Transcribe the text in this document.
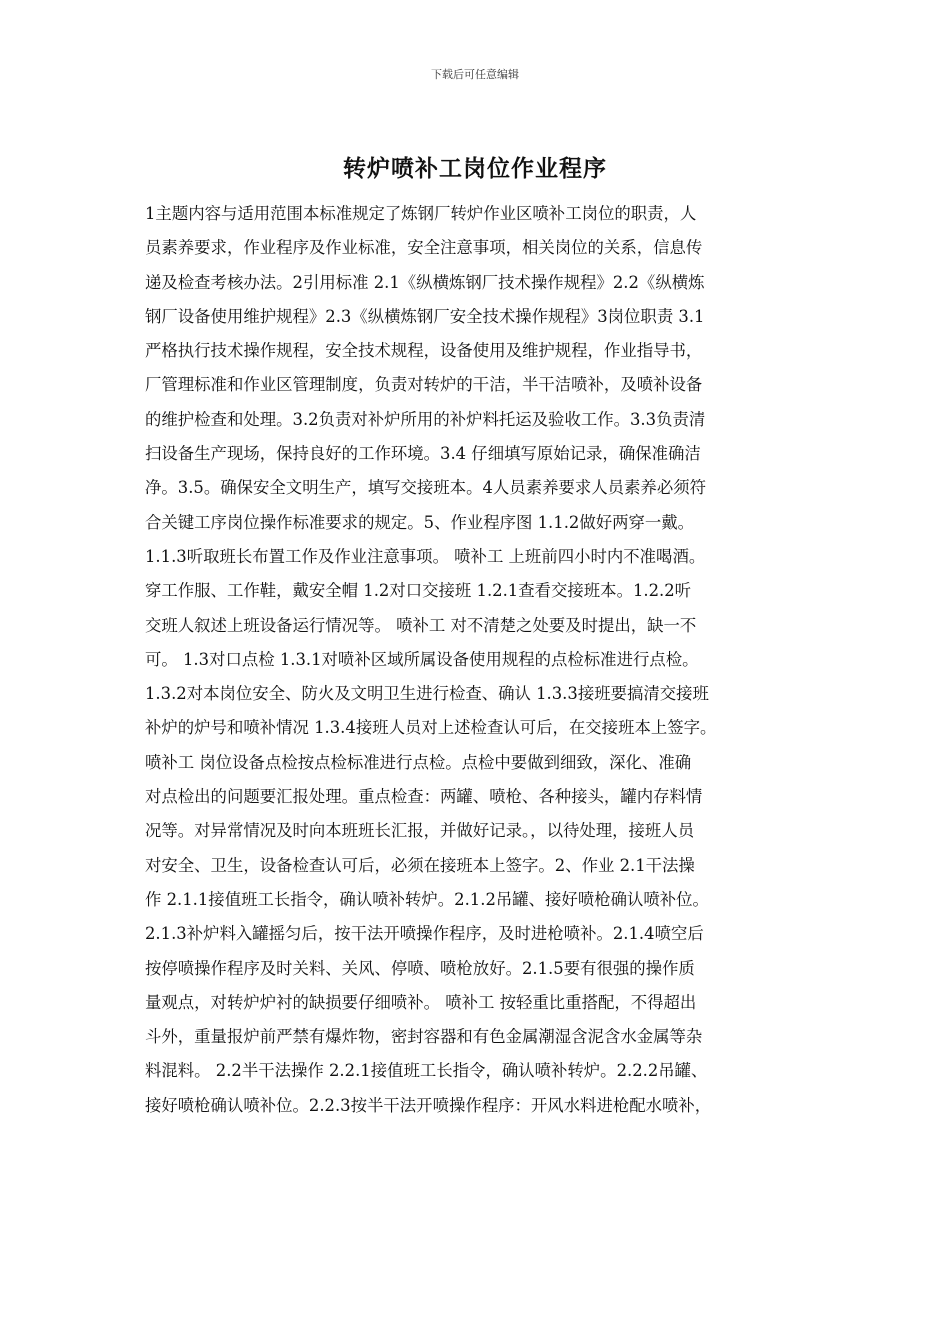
下载后可任意编辑
转炉喷补工岗位作业程序
1主题内容与适用范围本标准规定了炼钢厂转炉作业区喷补工岗位的职责，人
员素养要求，作业程序及作业标准，安全注意事项，相关岗位的关系，信息传
递及检查考核办法。2引用标准 2.1《纵横炼钢厂技术操作规程》2.2《纵横炼
钢厂设备使用维护规程》2.3《纵横炼钢厂安全技术操作规程》3岗位职责 3.1
严格执行技术操作规程，安全技术规程，设备使用及维护规程，作业指导书，
厂管理标准和作业区管理制度，负责对转炉的干洁，半干洁喷补，及喷补设备
的维护检查和处理。3.2负责对补炉所用的补炉料托运及验收工作。3.3负责清
扫设备生产现场，保持良好的工作环境。3.4 仔细填写原始记录，确保准确洁
净。3.5。确保安全文明生产，填写交接班本。4人员素养要求人员素养必须符
合关键工序岗位操作标准要求的规定。5、作业程序图 1.1.2做好两穿一戴。
1.1.3听取班长布置工作及作业注意事项。 喷补工 上班前四小时内不准喝酒。
穿工作服、工作鞋，戴安全帽 1.2对口交接班 1.2.1查看交接班本。1.2.2听
交班人叙述上班设备运行情况等。 喷补工 对不清楚之处要及时提出，缺一不
可。 1.3对口点检 1.3.1对喷补区域所属设备使用规程的点检标准进行点检。
1.3.2对本岗位安全、防火及文明卫生进行检查、确认 1.3.3接班要搞清交接班
补炉的炉号和喷补情况 1.3.4接班人员对上述检查认可后，在交接班本上签字。
喷补工 岗位设备点检按点检标准进行点检。点检中要做到细致，深化、准确
对点检出的问题要汇报处理。重点检查：两罐、喷枪、各种接头，罐内存料情
况等。对异常情况及时向本班班长汇报，并做好记录。，以待处理，接班人员
对安全、卫生，设备检查认可后，必须在接班本上签字。2、作业 2.1干法操
作 2.1.1接值班工长指令，确认喷补转炉。2.1.2吊罐、接好喷枪确认喷补位。
2.1.3补炉料入罐摇匀后，按干法开喷操作程序，及时进枪喷补。2.1.4喷空后
按停喷操作程序及时关料、关风、停喷、喷枪放好。2.1.5要有很强的操作质
量观点，对转炉炉衬的缺损要仔细喷补。 喷补工 按轻重比重搭配，不得超出
斗外，重量报炉前严禁有爆炸物，密封容器和有色金属潮湿含泥含水金属等杂
料混料。 2.2半干法操作 2.2.1接值班工长指令，确认喷补转炉。2.2.2吊罐、
接好喷枪确认喷补位。2.2.3按半干法开喷操作程序：开风水料进枪配水喷补，
